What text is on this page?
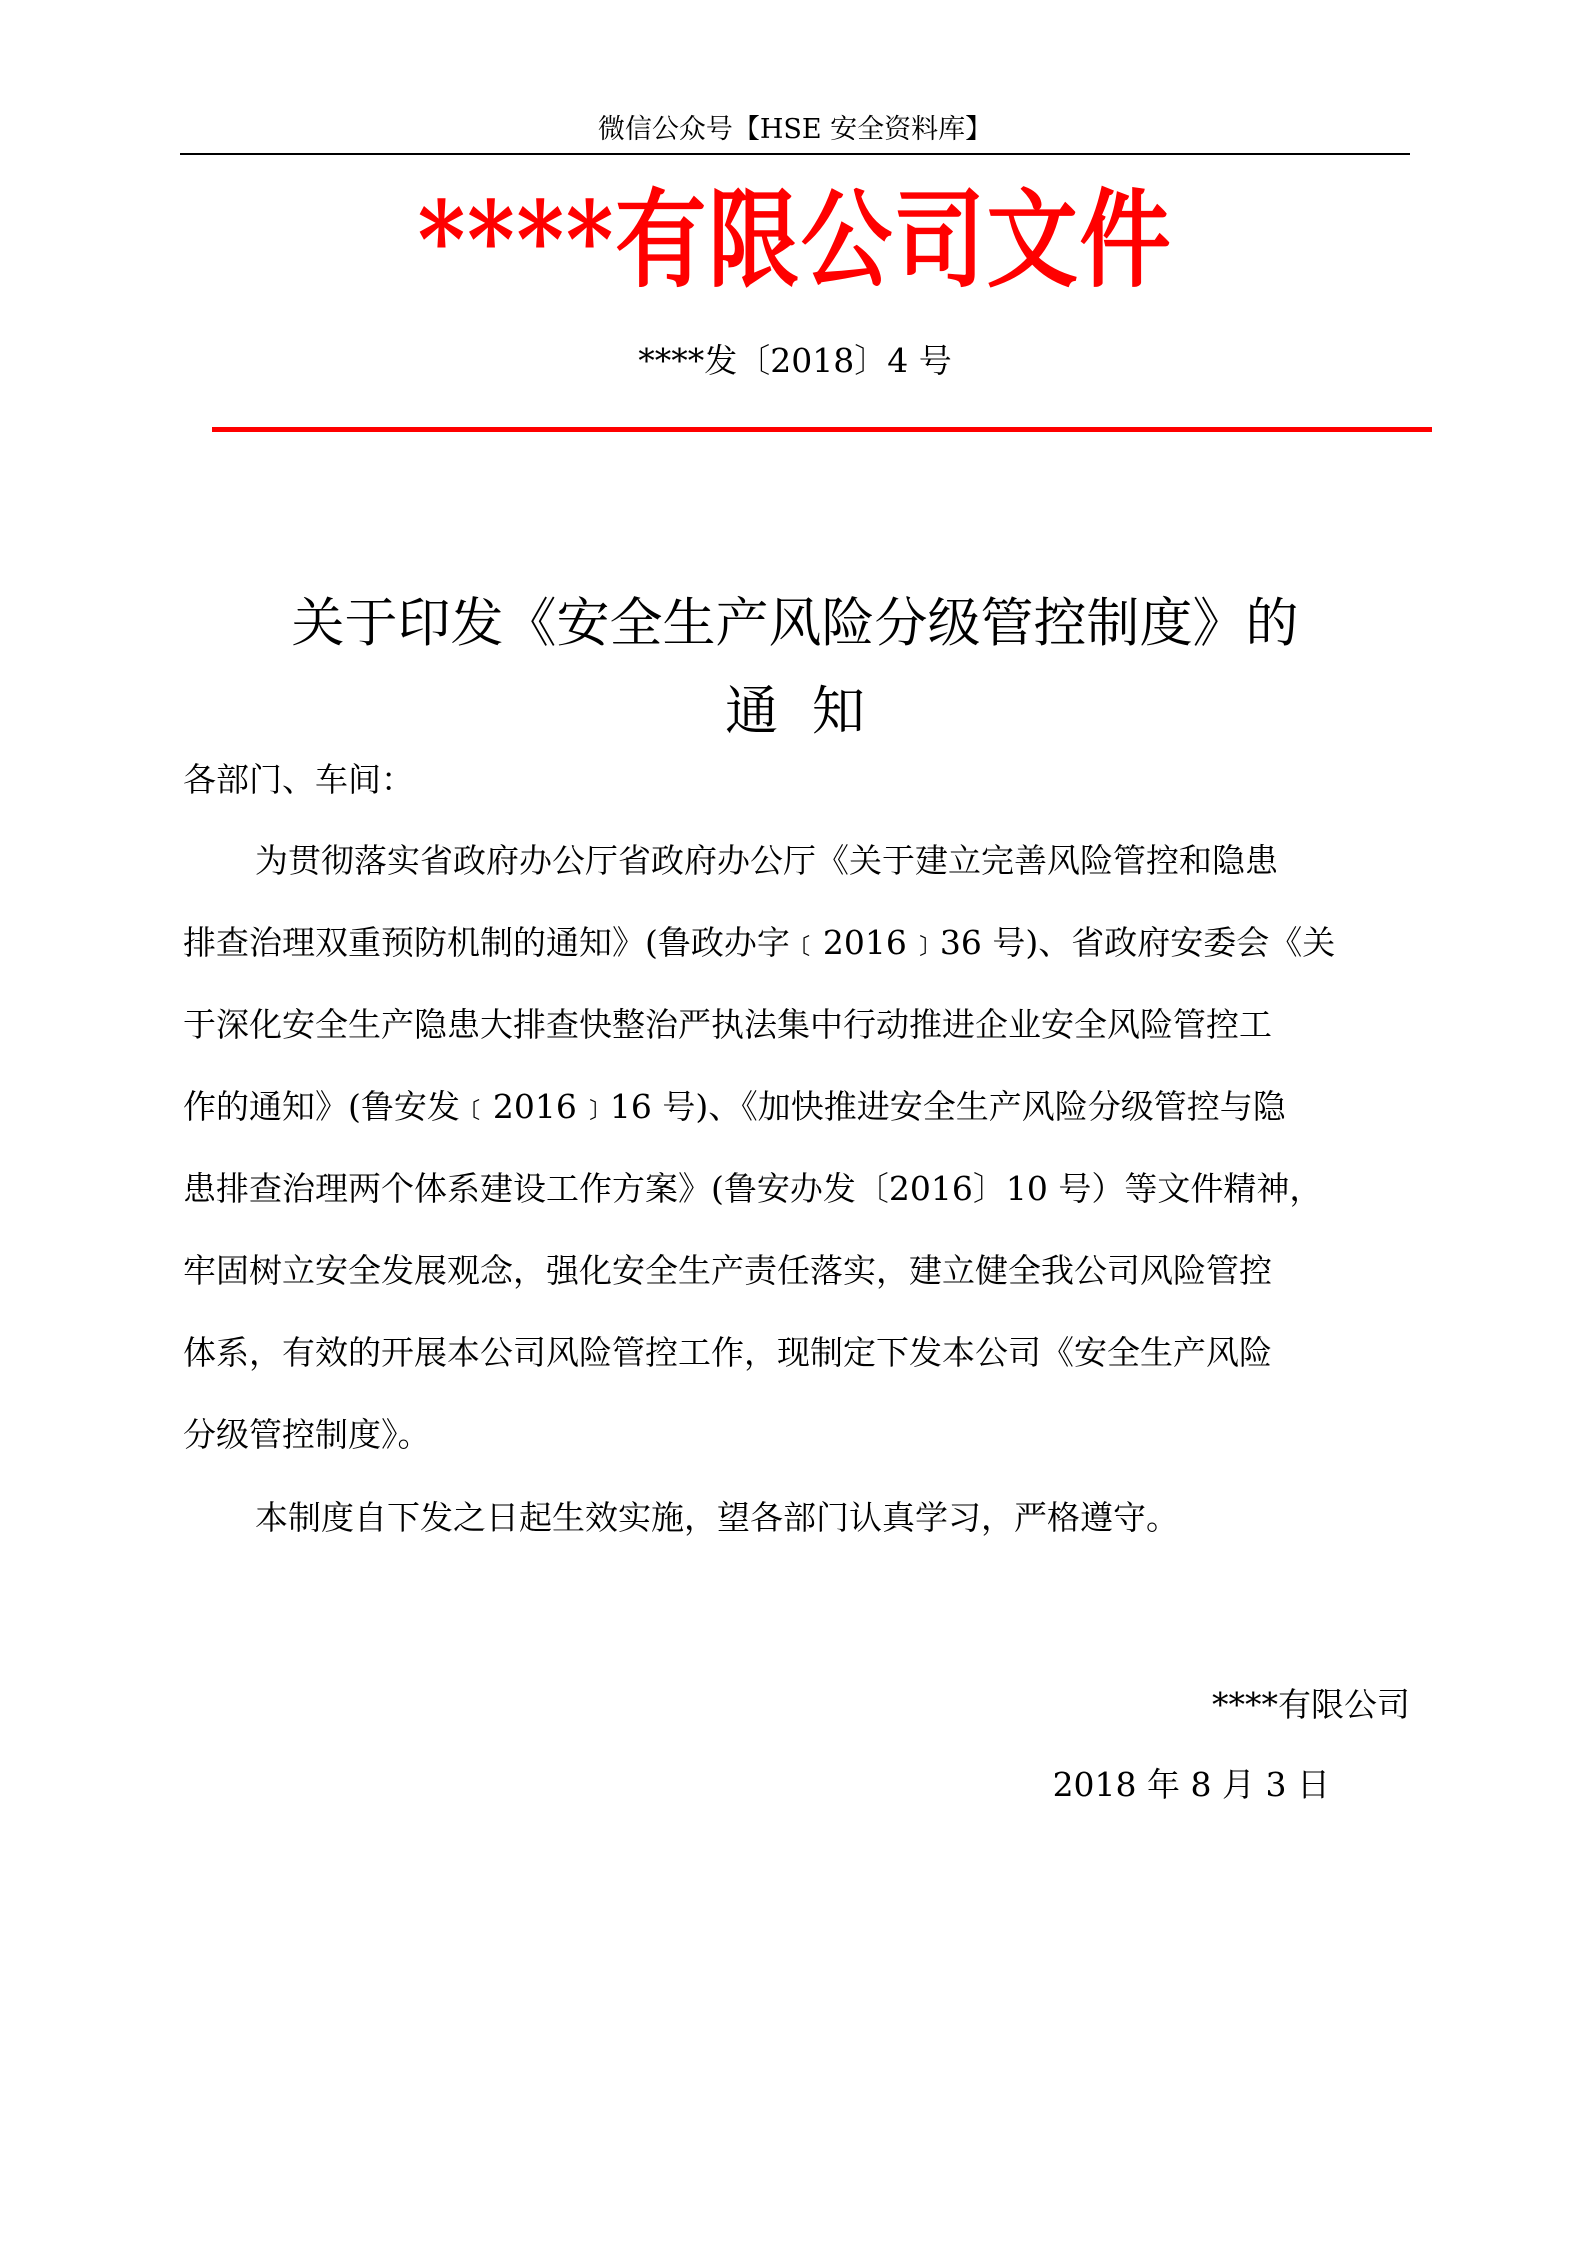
微信公众号【HSE 安全资料库】
****有限公司文件
****发〔2018〕4 号
关于印发《安全生产风险分级管控制度》的
通  知
各部门、车间：
为贯彻落实省政府办公厅省政府办公厅《关于建立完善风险管控和隐患
排查治理双重预防机制的通知》(鲁政办字﹝2016﹞36 号)、省政府安委会《关
于深化安全生产隐患大排查快整治严执法集中行动推进企业安全风险管控工
作的通知》(鲁安发﹝2016﹞16 号)、《加快推进安全生产风险分级管控与隐
患排查治理两个体系建设工作方案》(鲁安办发〔2016〕10 号）等文件精神，
牢固树立安全发展观念，强化安全生产责任落实，建立健全我公司风险管控
体系，有效的开展本公司风险管控工作，现制定下发本公司《安全生产风险
分级管控制度》。
本制度自下发之日起生效实施，望各部门认真学习，严格遵守。
****有限公司
2018 年 8 月 3 日
